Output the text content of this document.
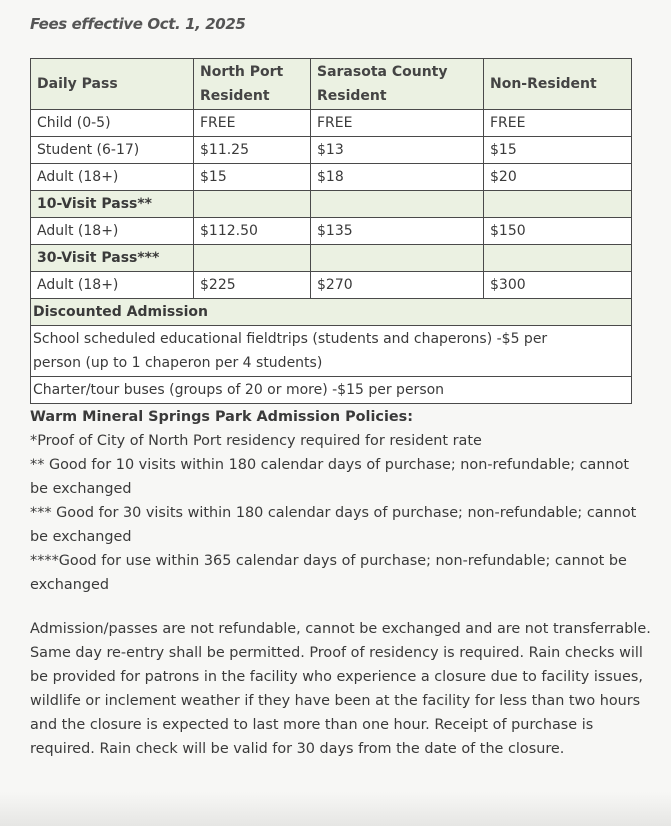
Fees effective Oct. 1, 2025
Daily Pass	North Port Resident	Sarasota County Resident	Non-Resident
Child (0-5)	FREE	FREE	FREE
Student (6-17)	$11.25	$13	$15
Adult (18+)	$15	$18	$20
10-Visit Pass**			
Adult (18+)	$112.50	$135	$150
30-Visit Pass***			
Adult (18+)	$225	$270	$300
Discounted Admission			

School scheduled educational fieldtrips (students and chaperons) -$5 per person (up to 1 chaperon per 4 students)			

Charter/tour buses (groups of 20 or more) -$15 per person			
Warm Mineral Springs Park Admission Policies:
*Proof of City of North Port residency required for resident rate
** Good for 10 visits within 180 calendar days of purchase; non-refundable; cannot be exchanged
*** Good for 30 visits within 180 calendar days of purchase; non-refundable; cannot be exchanged
****Good for use within 365 calendar days of purchase; non-refundable; cannot be exchanged
Admission/passes are not refundable, cannot be exchanged and are not transferrable. Same day re-entry shall be permitted. Proof of residency is required. Rain checks will be provided for patrons in the facility who experience a closure due to facility issues, wildlife or inclement weather if they have been at the facility for less than two hours and the closure is expected to last more than one hour. Receipt of purchase is required. Rain check will be valid for 30 days from the date of the closure.
